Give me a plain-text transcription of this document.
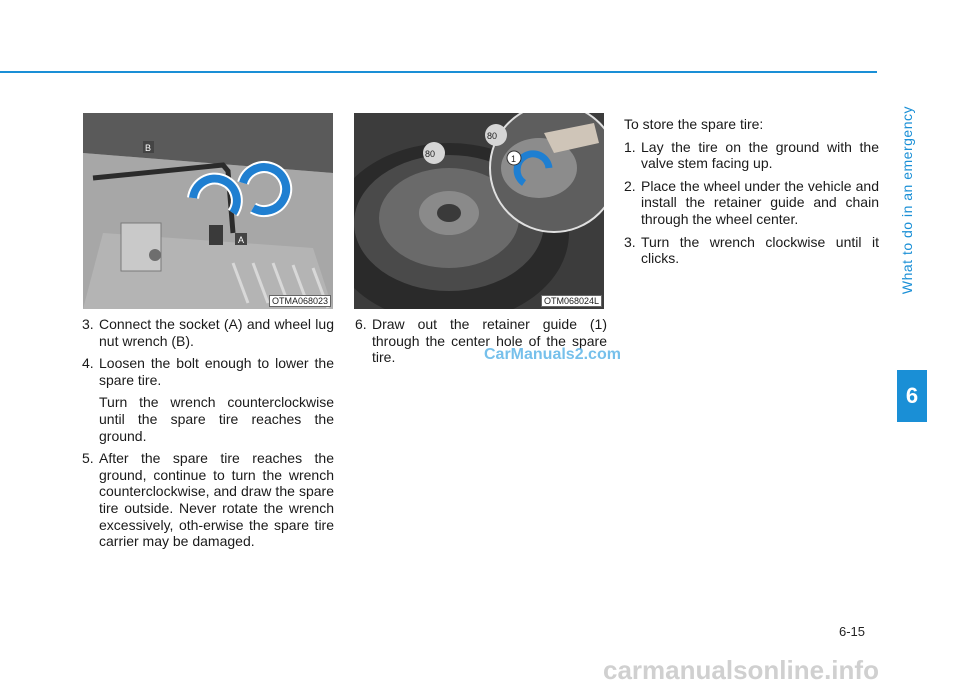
What to do in an emergency
6
A
B
OTMA068023
80
80
1
OTM068024L
3. Connect the socket (A) and wheel lug nut wrench (B).
4. Loosen the bolt enough to lower the spare tire.
Turn the wrench counterclockwise until the spare tire reaches the ground.
5. After the spare tire reaches the ground, continue to turn the wrench counterclockwise, and draw the spare tire outside. Never rotate the wrench excessively, oth-erwise the spare tire carrier may be damaged.
6. Draw out the retainer guide (1) through the center hole of the spare tire.	CarManuals2.com
To store the spare tire:
1. Lay the tire on the ground with the valve stem facing up.
2. Place the wheel under the vehicle and install the retainer guide and chain through the wheel center.
3. Turn the wrench clockwise until it clicks.
6-15
carmanualsonline.info
